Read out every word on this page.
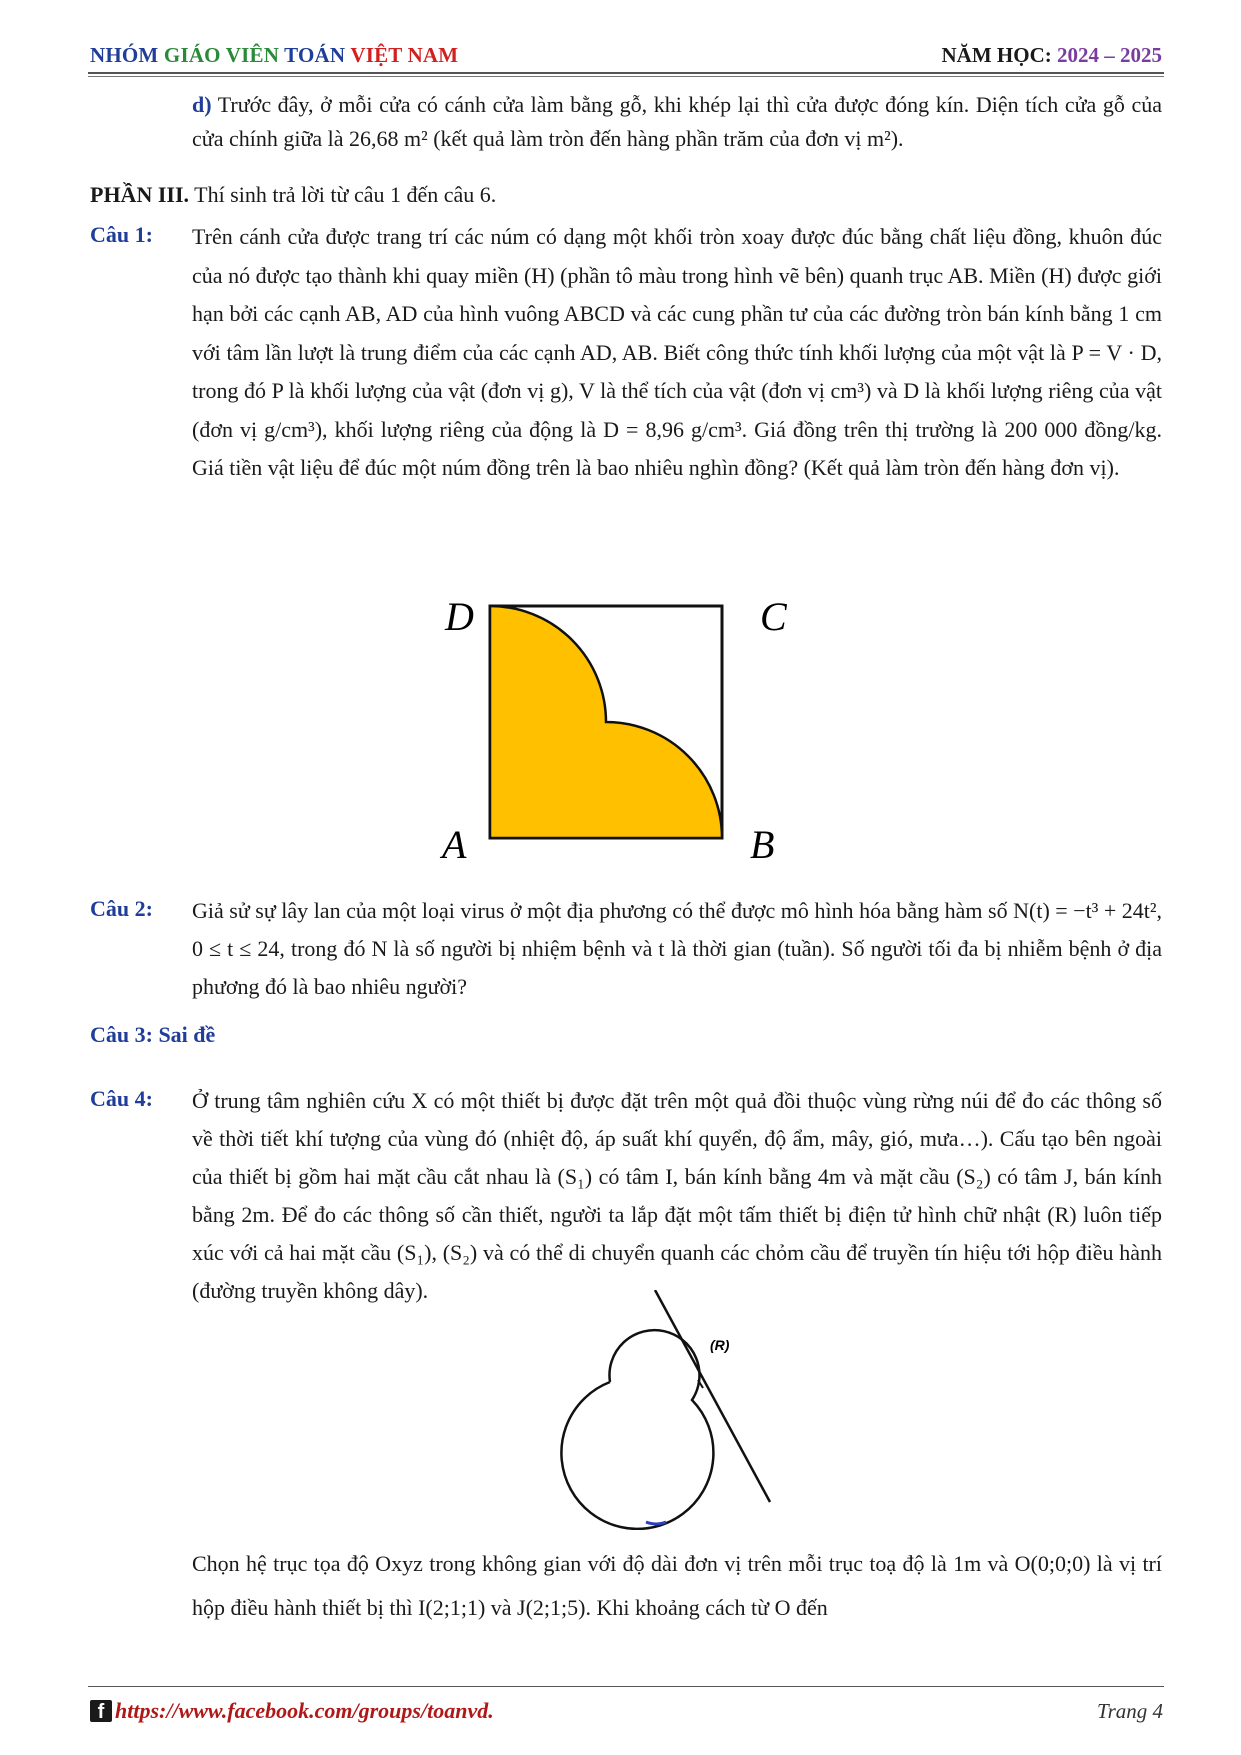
NHÓM GIÁO VIÊN TOÁN VIỆT NAM	NĂM HỌC: 2024 – 2025
d) Trước đây, ở mỗi cửa có cánh cửa làm bằng gỗ, khi khép lại thì cửa được đóng kín. Diện tích cửa gỗ của cửa chính giữa là 26,68 m² (kết quả làm tròn đến hàng phần trăm của đơn vị m²).
PHẦN III. Thí sinh trả lời từ câu 1 đến câu 6.
Câu 1: Trên cánh cửa được trang trí các núm có dạng một khối tròn xoay được đúc bằng chất liệu đồng, khuôn đúc của nó được tạo thành khi quay miền (H) (phần tô màu trong hình vẽ bên) quanh trục AB. Miền (H) được giới hạn bởi các cạnh AB, AD của hình vuông ABCD và các cung phần tư của các đường tròn bán kính bằng 1 cm với tâm lần lượt là trung điểm của các cạnh AD, AB. Biết công thức tính khối lượng của một vật là P = V · D, trong đó P là khối lượng của vật (đơn vị g), V là thể tích của vật (đơn vị cm³) và D là khối lượng riêng của vật (đơn vị g/cm³), khối lượng riêng của động là D = 8,96 g/cm³. Giá đồng trên thị trường là 200 000 đồng/kg. Giá tiền vật liệu để đúc một núm đồng trên là bao nhiêu nghìn đồng? (Kết quả làm tròn đến hàng đơn vị).
D	C
A	B
Câu 2: Giả sử sự lây lan của một loại virus ở một địa phương có thể được mô hình hóa bằng hàm số N(t) = −t³ + 24t², 0 ≤ t ≤ 24, trong đó N là số người bị nhiệm bệnh và t là thời gian (tuần). Số người tối đa bị nhiễm bệnh ở địa phương đó là bao nhiêu người?
Câu 3: Sai đề
Câu 4: Ở trung tâm nghiên cứu X có một thiết bị được đặt trên một quả đồi thuộc vùng rừng núi để đo các thông số về thời tiết khí tượng của vùng đó (nhiệt độ, áp suất khí quyển, độ ẩm, mây, gió, mưa…). Cấu tạo bên ngoài của thiết bị gồm hai mặt cầu cắt nhau là (S₁) có tâm I, bán kính bằng 4m và mặt cầu (S₂) có tâm J, bán kính bằng 2m. Để đo các thông số cần thiết, người ta lắp đặt một tấm thiết bị điện tử hình chữ nhật (R) luôn tiếp xúc với cả hai mặt cầu (S₁), (S₂) và có thể di chuyển quanh các chỏm cầu để truyền tín hiệu tới hộp điều hành (đường truyền không dây).
(R)
Chọn hệ trục tọa độ Oxyz trong không gian với độ dài đơn vị trên mỗi trục toạ độ là 1m và O(0;0;0) là vị trí hộp điều hành thiết bị thì I(2;1;1) và J(2;1;5). Khi khoảng cách từ O đến
f https://www.facebook.com/groups/toanvd.	Trang 4
